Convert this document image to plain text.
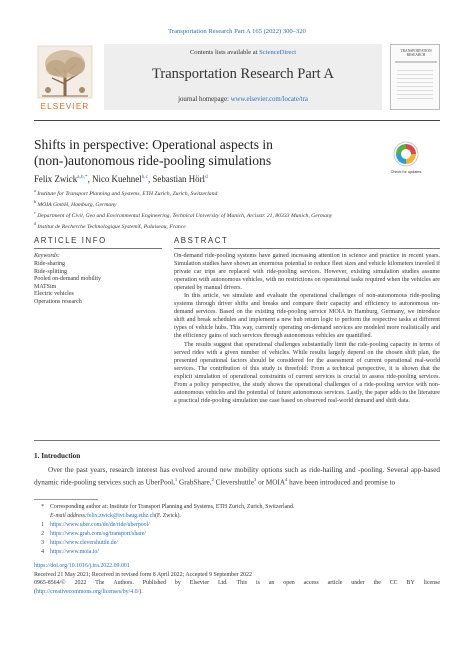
Transportation Research Part A 165 (2022) 300–320
ELSEVIER
Contents lists available at ScienceDirect
Transportation Research Part A
journal homepage: www.elsevier.com/locate/tra
TRANSPORTATION RESEARCH
Shifts in perspective: Operational aspects in (non-)autonomous ride-pooling simulations
Check for updates
Felix Zwick$^{a,b,*}$, Nico Kuehnel$^{b,c}$, Sebastian Hörl$^d$
$^a$ Institute for Transport Planning and Systems, ETH Zurich, Zurich, Switzerland
$^b$ MOIA GmbH, Hamburg, Germany
$^c$ Department of Civil, Geo and Environmental Engineering, Technical University of Munich, Arcisstr. 21, 80333 Munich, Germany
$^d$ Institut de Recherche Technologique SystemX, Palaiseau, France
ARTICLE INFO	ABSTRACT
Keywords:
Ride-sharing
Ride-splitting
Pooled on-demand mobility
MATSim
Electric vehicles
Operations research

On-demand ride-pooling systems have gained increasing attention in science and practice in recent years. Simulation studies have shown an enormous potential to reduce fleet sizes and vehicle kilometers traveled if private car trips are replaced with ride-pooling services. However, existing simulation studies assume operation with autonomous vehicles, with no restrictions on operational tasks required when the vehicles are operated by manual drivers.

In this article, we simulate and evaluate the operational challenges of non-autonomous ride-pooling systems through driver shifts and breaks and compare their capacity and efficiency to autonomous on-demand services. Based on the existing ride-pooling service MOIA in Hamburg, Germany, we introduce shift and break schedules and implement a new hub return logic to perform the respective tasks at different types of vehicle hubs. This way, currently operating on-demand services are modeled more realistically and the efficiency gains of such services through autonomous vehicles are quantified.

The results suggest that operational challenges substantially limit the ride-pooling capacity in terms of served rides with a given number of vehicles. While results largely depend on the chosen shift plan, the presented operational factors should be considered for the assessment of current operational real-world services. The contribution of this study is threefold: From a technical perspective, it is shown that the explicit simulation of operational constraints of current services is crucial to assess ride-pooling services. From a policy perspective, the study shows the operational challenges of a ride-pooling service with non-autonomous vehicles and the potential of future autonomous services. Lastly, the paper adds to the literature a practical ride-pooling simulation use case based on observed real-world demand and shift data.

1. Introduction

Over the past years, research interest has evolved around new mobility options such as ride-hailing and -pooling. Several app-based dynamic ride-pooling services such as UberPool,$^1$ GrabShare,$^2$ Clevershuttle$^3$ or MOIA$^4$ have been introduced and promise to

* Corresponding author at: Institute for Transport Planning and Systems, ETH Zurich, Zurich, Switzerland.
E-mail address: felix.zwick@ivt.baug.ethz.ch (F. Zwick).
1 https://www.uber.com/de/de/ride/uberpool/
2 https://www.grab.com/sg/transport/share/
3 https://www.clevershuttle.de/
4 https://www.moia.io/
https://doi.org/10.1016/j.tra.2022.09.001
Received 21 May 2021; Received in revised form 8 April 2022; Accepted 9 September 2022
0965-8564/© 2022 The Authors. Published by Elsevier Ltd. This is an open access article under the CC BY license
(http://creativecommons.org/licenses/by/4.0/).
